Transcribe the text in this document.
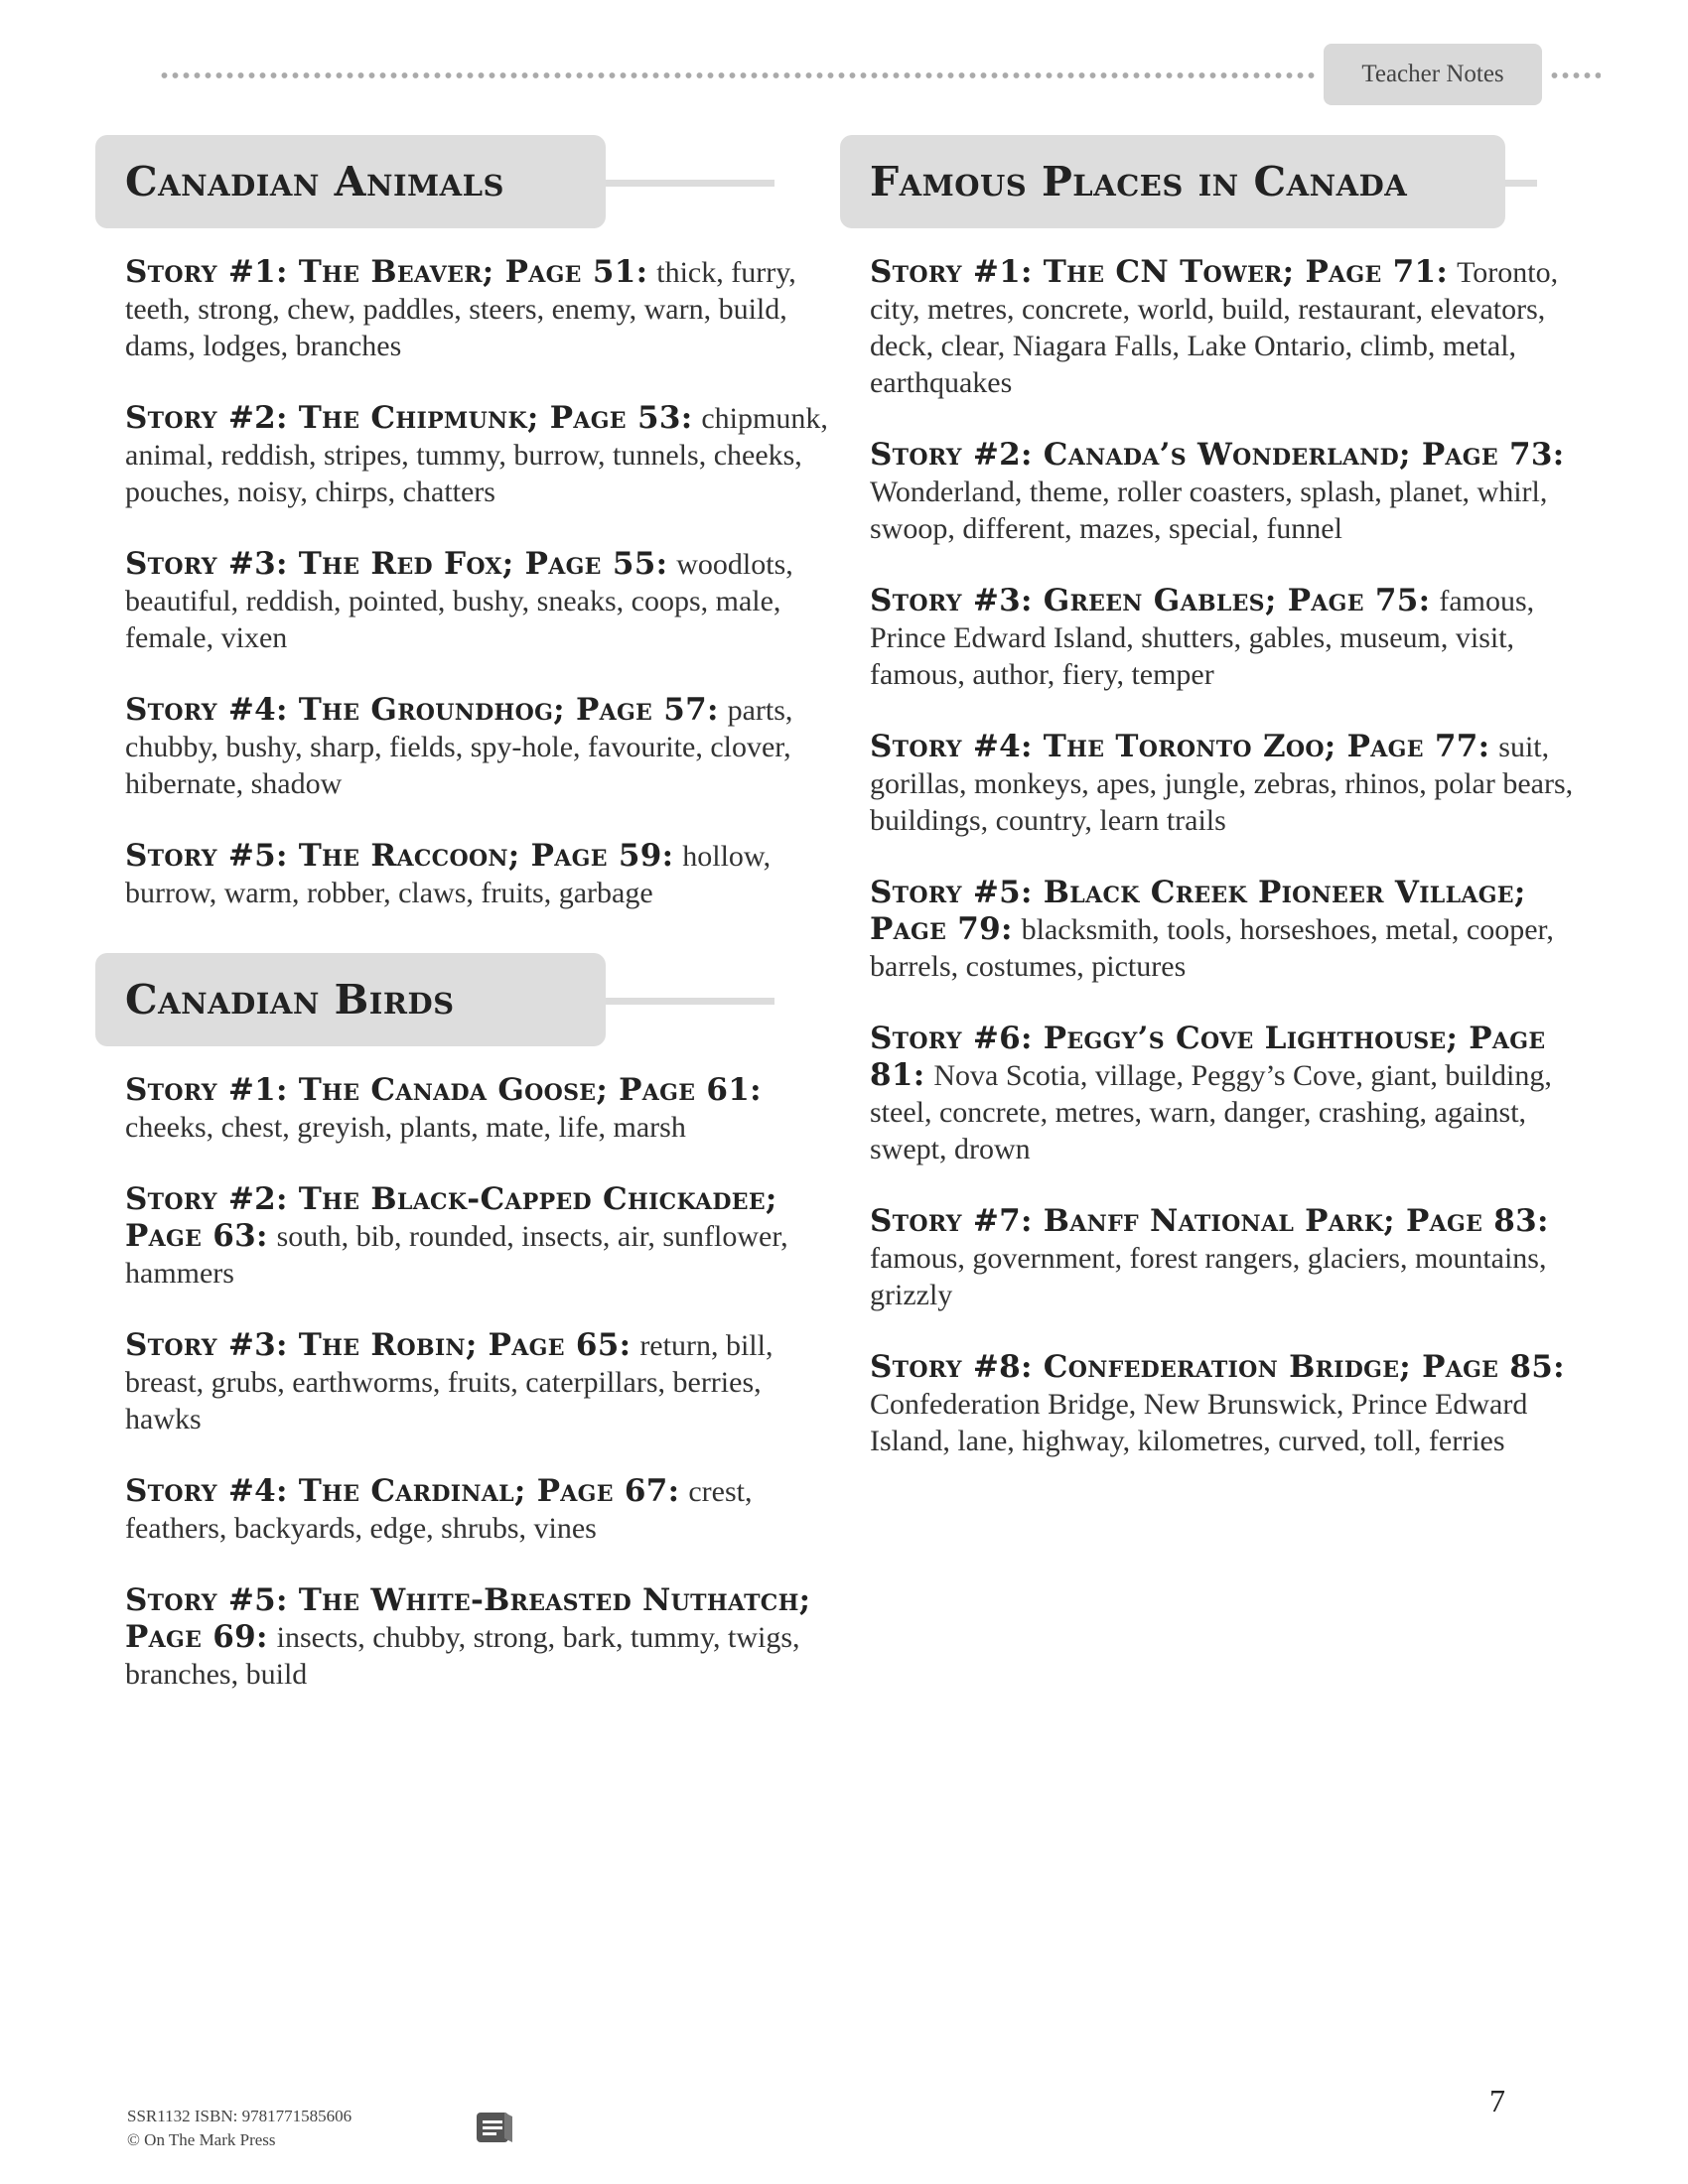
Teacher Notes
Canadian Animals
Story #1: The Beaver; Page 51: thick, furry, teeth, strong, chew, paddles, steers, enemy, warn, build, dams, lodges, branches
Story #2: The Chipmunk; Page 53: chipmunk, animal, reddish, stripes, tummy, burrow, tunnels, cheeks, pouches, noisy, chirps, chatters
Story #3: The Red Fox; Page 55: woodlots, beautiful, reddish, pointed, bushy, sneaks, coops, male, female, vixen
Story #4: The Groundhog; Page 57: parts, chubby, bushy, sharp, fields, spy-hole, favourite, clover, hibernate, shadow
Story #5: The Raccoon; Page 59: hollow, burrow, warm, robber, claws, fruits, garbage
Canadian Birds
Story #1: The Canada Goose; Page 61: cheeks, chest, greyish, plants, mate, life, marsh
Story #2: The Black-Capped Chickadee; Page 63: south, bib, rounded, insects, air, sunflower, hammers
Story #3: The Robin; Page 65: return, bill, breast, grubs, earthworms, fruits, caterpillars, berries, hawks
Story #4: The Cardinal; Page 67: crest, feathers, backyards, edge, shrubs, vines
Story #5: The White-Breasted Nuthatch; Page 69: insects, chubby, strong, bark, tummy, twigs, branches, build
Famous Places in Canada
Story #1: The CN Tower; Page 71: Toronto, city, metres, concrete, world, build, restaurant, elevators, deck, clear, Niagara Falls, Lake Ontario, climb, metal, earthquakes
Story #2: Canada’s Wonderland; Page 73: Wonderland, theme, roller coasters, splash, planet, whirl, swoop, different, mazes, special, funnel
Story #3: Green Gables; Page 75: famous, Prince Edward Island, shutters, gables, museum, visit, famous, author, fiery, temper
Story #4: The Toronto Zoo; Page 77: suit, gorillas, monkeys, apes, jungle, zebras, rhinos, polar bears, buildings, country, learn trails
Story #5: Black Creek Pioneer Village; Page 79: blacksmith, tools, horseshoes, metal, cooper, barrels, costumes, pictures
Story #6: Peggy’s Cove Lighthouse; Page 81: Nova Scotia, village, Peggy’s Cove, giant, building, steel, concrete, metres, warn, danger, crashing, against, swept, drown
Story #7: Banff National Park; Page 83: famous, government, forest rangers, glaciers, mountains, grizzly
Story #8: Confederation Bridge; Page 85: Confederation Bridge, New Brunswick, Prince Edward Island, lane, highway, kilometres, curved, toll, ferries
SSR1132 ISBN: 9781771585606
© On The Mark Press
7
